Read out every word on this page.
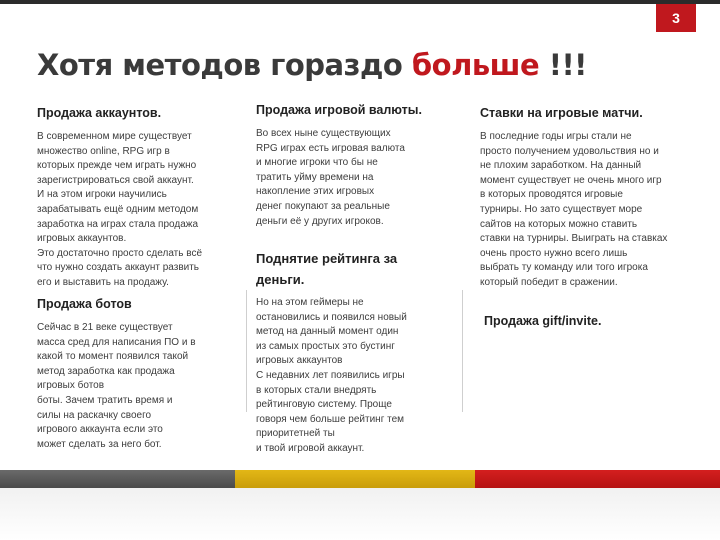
3
Хотя методов гораздо больше !!!
Продажа аккаунтов.

В современном мире существует
множество online, RPG игр в
которых прежде чем играть нужно
зарегистрироваться свой аккаунт.
И на этом игроки научились
зарабатывать ещё одним методом
заработка на играх стала продажа
игровых аккаунтов.
Это достаточно просто сделать всё
что нужно создать аккаунт развить
его и выставить на продажу.

Продажа ботов

Сейчас в 21 веке существует
масса сред для написания ПО и в
какой то момент появился такой
метод заработка как продажа
игровых ботов
боты. Зачем тратить время и
силы на раскачку своего
игрового аккаунта если это
может сделать за него бот.

Продажа игровой валюты.

Во всех ныне существующих
RPG играх есть игровая валюта
и многие игроки что бы не
тратить уйму времени на
накопление этих игровых
денег покупают за реальные
деньги её у других игроков.

Поднятие рейтинга за
деньги.

Но на этом геймеры не
остановились и появился новый
метод на данный момент один
из самых простых это бустинг
игровых аккаунтов
С недавних лет появились игры
в которых стали внедрять
рейтинговую систему. Проще
говоря чем больше рейтинг тем
приоритетней ты
и твой игровой аккаунт.

Ставки на игровые матчи.

В последние годы игры стали не
просто получением удовольствия но и
не плохим заработком. На данный
момент существует не очень много игр
в которых проводятся игровые
турниры. Но зато существует море
сайтов на которых можно ставить
ставки на турниры. Выиграть на ставках
очень просто нужно всего лишь
выбрать ту команду или того игрока
который победит в сражении.

Продажа gift/invite.
